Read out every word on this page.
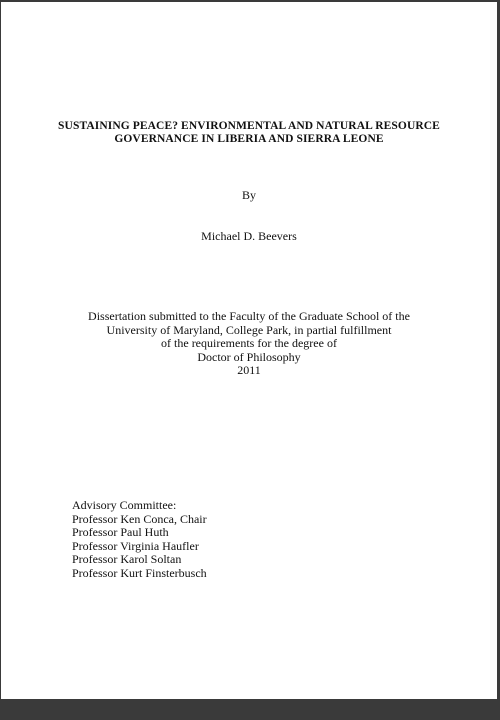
SUSTAINING PEACE? ENVIRONMENTAL AND NATURAL RESOURCE
GOVERNANCE IN LIBERIA AND SIERRA LEONE
By
Michael D. Beevers
Dissertation submitted to the Faculty of the Graduate School of the
University of Maryland, College Park, in partial fulfillment
of the requirements for the degree of
Doctor of Philosophy
2011
Advisory Committee:
Professor Ken Conca, Chair
Professor Paul Huth
Professor Virginia Haufler
Professor Karol Soltan
Professor Kurt Finsterbusch
